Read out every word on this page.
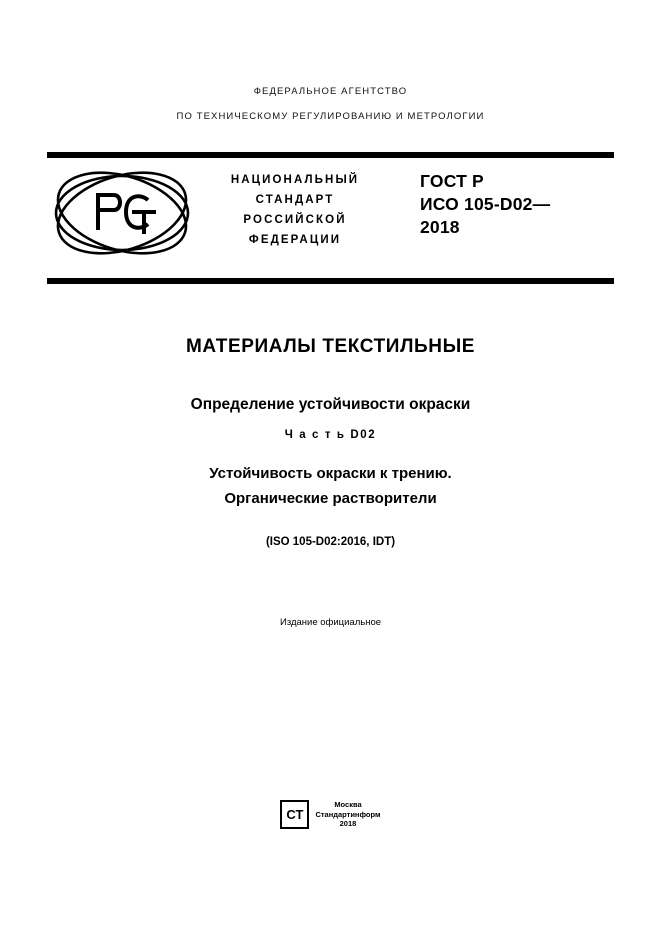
ФЕДЕРАЛЬНОЕ АГЕНТСТВО
ПО ТЕХНИЧЕСКОМУ РЕГУЛИРОВАНИЮ И МЕТРОЛОГИИ
НАЦИОНАЛЬНЫЙ
СТАНДАРТ
РОССИЙСКОЙ
ФЕДЕРАЦИИ
ГОСТ Р
ИСО 105-D02—
2018
МАТЕРИАЛЫ ТЕКСТИЛЬНЫЕ
Определение устойчивости окраски
Ч а с т ь D02
Устойчивость окраски к трению.
Органические растворители
(ISO 105-D02:2016, IDT)
Издание официальное
СТ
Москва
Стандартинформ
2018
